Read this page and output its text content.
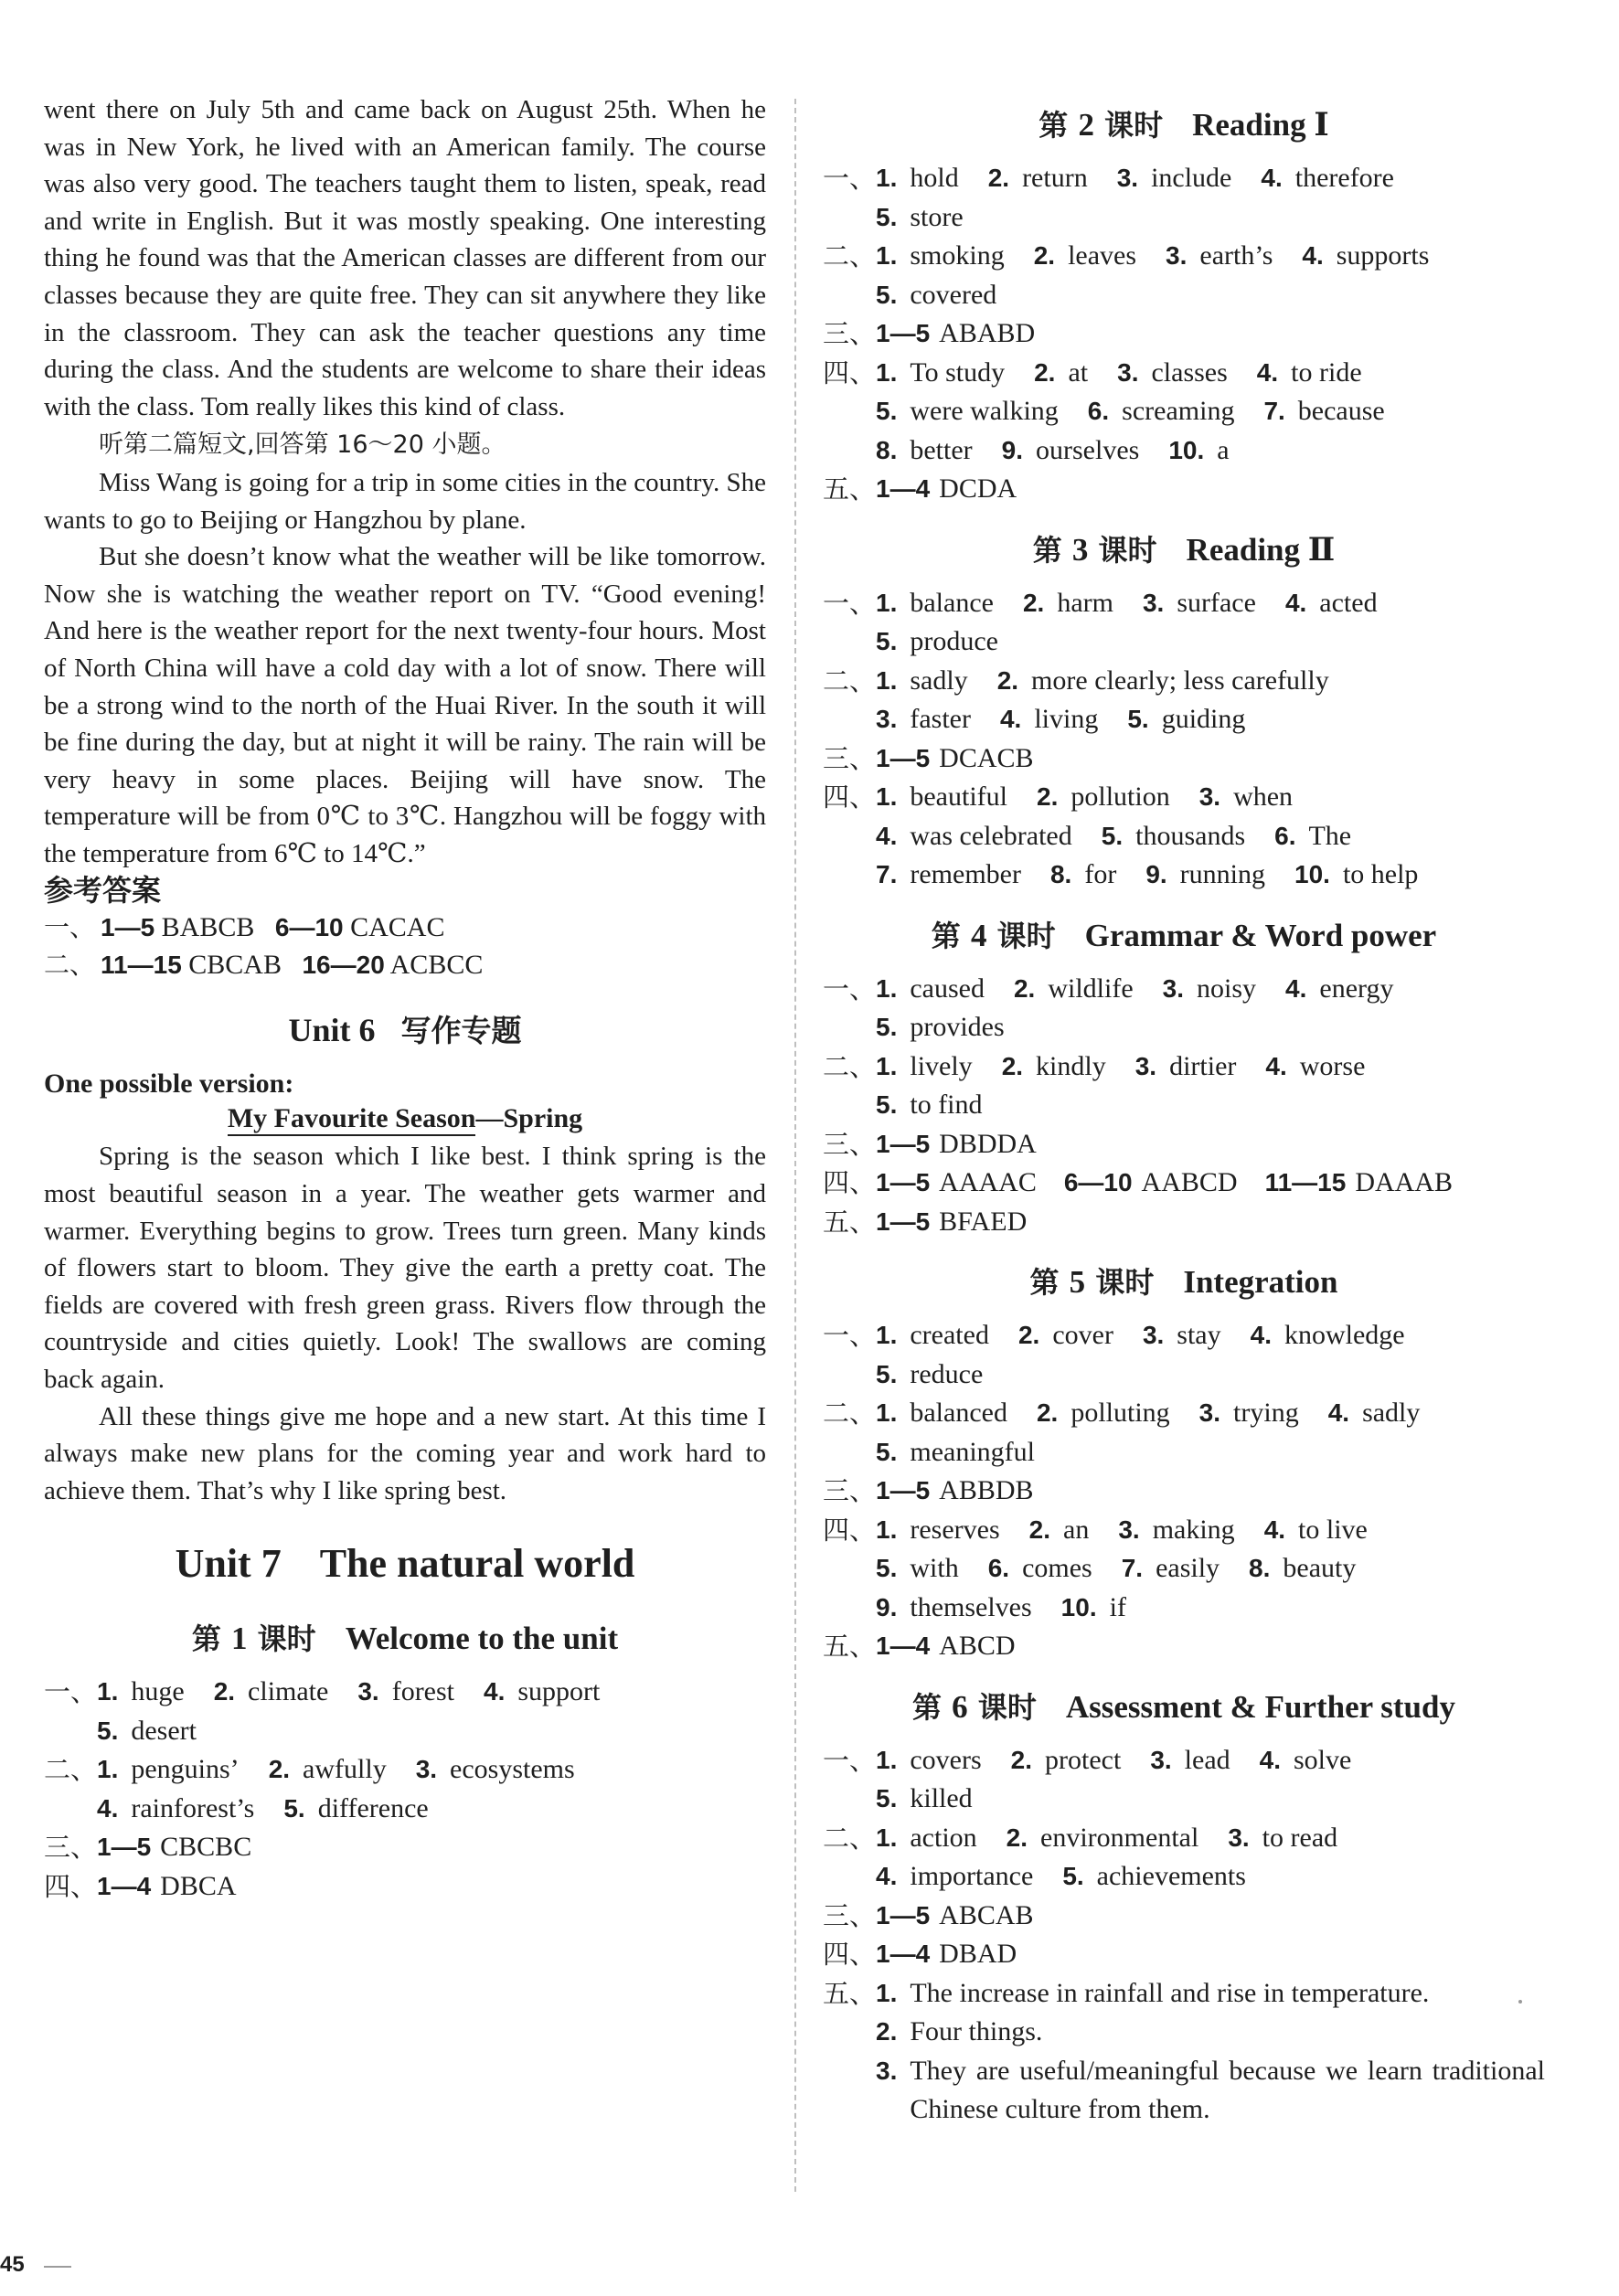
went there on July 5th and came back on August 25th. When he was in New York, he lived with an American family. The course was also very good. The teachers taught them to listen, speak, read and write in English. But it was mostly speaking. One interesting thing he found was that the American classes are different from our classes because they are quite free. They can sit anywhere they like in the classroom. They can ask the teacher questions any time during the class. And the students are welcome to share their ideas with the class. Tom really likes this kind of class.

听第二篇短文,回答第 16～20 小题。

Miss Wang is going for a trip in some cities in the country. She wants to go to Beijing or Hangzhou by plane.

But she doesn’t know what the weather will be like tomorrow. Now she is watching the weather report on TV. “Good evening! And here is the weather report for the next twenty-four hours. Most of North China will have a cold day with a lot of snow. There will be a strong wind to the north of the Huai River. In the south it will be fine during the day, but at night it will be rainy. The rain will be very heavy in some places. Beijing will have snow. The temperature will be from 0℃ to 3℃. Hangzhou will be foggy with the temperature from 6℃ to 14℃.”

参考答案

一、 1—5 BABCB 6—10 CACAC
二、 11—15 CBCAB 16—20 ACBCC
Unit 6 写作专题

One possible version:

My Favourite Season—Spring

Spring is the season which I like best. I think spring is the most beautiful season in a year. The weather gets warmer and warmer. Everything begins to grow. Trees turn green. Many kinds of flowers start to bloom. They give the earth a pretty coat. The fields are covered with fresh green grass. Rivers flow through the countryside and cities quietly. Look! The swallows are coming back again.

All these things give me hope and a new start. At this time I always make new plans for the coming year and work hard to achieve them. That’s why I like spring best.

Unit 7 The natural world
第 1 课时 Welcome to the unit
一、 1. huge 2. climate 3. forest 4. support
5. desert
二、 1. penguins’ 2. awfully 3. ecosystems
4. rainforest’s 5. difference
三、 1—5 CBCBC
四、 1—4 DBCA
第 2 课时 Reading Ⅰ
一、 1. hold 2. return 3. include 4. therefore
5. store
二、 1. smoking 2. leaves 3. earth’s 4. supports
5. covered
三、 1—5 ABABD
四、 1. To study 2. at 3. classes 4. to ride
5. were walking 6. screaming 7. because
8. better 9. ourselves 10. a
五、 1—4 DCDA
第 3 课时 Reading Ⅱ
一、 1. balance 2. harm 3. surface 4. acted
5. produce
二、 1. sadly 2. more clearly; less carefully
3. faster 4. living 5. guiding
三、 1—5 DCACB
四、 1. beautiful 2. pollution 3. when
4. was celebrated 5. thousands 6. The
7. remember 8. for 9. running 10. to help
第 4 课时 Grammar & Word power
一、 1. caused 2. wildlife 3. noisy 4. energy
5. provides
二、 1. lively 2. kindly 3. dirtier 4. worse
5. to find
三、 1—5 DBDDA
四、 1—5 AAAAC 6—10 AABCD 11—15 DAAAB
五、 1—5 BFAED
第 5 课时 Integration
一、 1. created 2. cover 3. stay 4. knowledge
5. reduce
二、 1. balanced 2. polluting 3. trying 4. sadly
5. meaningful
三、 1—5 ABBDB
四、 1. reserves 2. an 3. making 4. to live
5. with 6. comes 7. easily 8. beauty
9. themselves 10. if
五、 1—4 ABCD
第 6 课时 Assessment & Further study
一、 1. covers 2. protect 3. lead 4. solve
5. killed
二、 1. action 2. environmental 3. to read
4. importance 5. achievements
三、 1—5 ABCAB
四、 1—4 DBAD
五、 1. The increase in rainfall and rise in temperature.
2. Four things.
3. They are useful/meaningful because we learn traditional Chinese culture from them.
45
